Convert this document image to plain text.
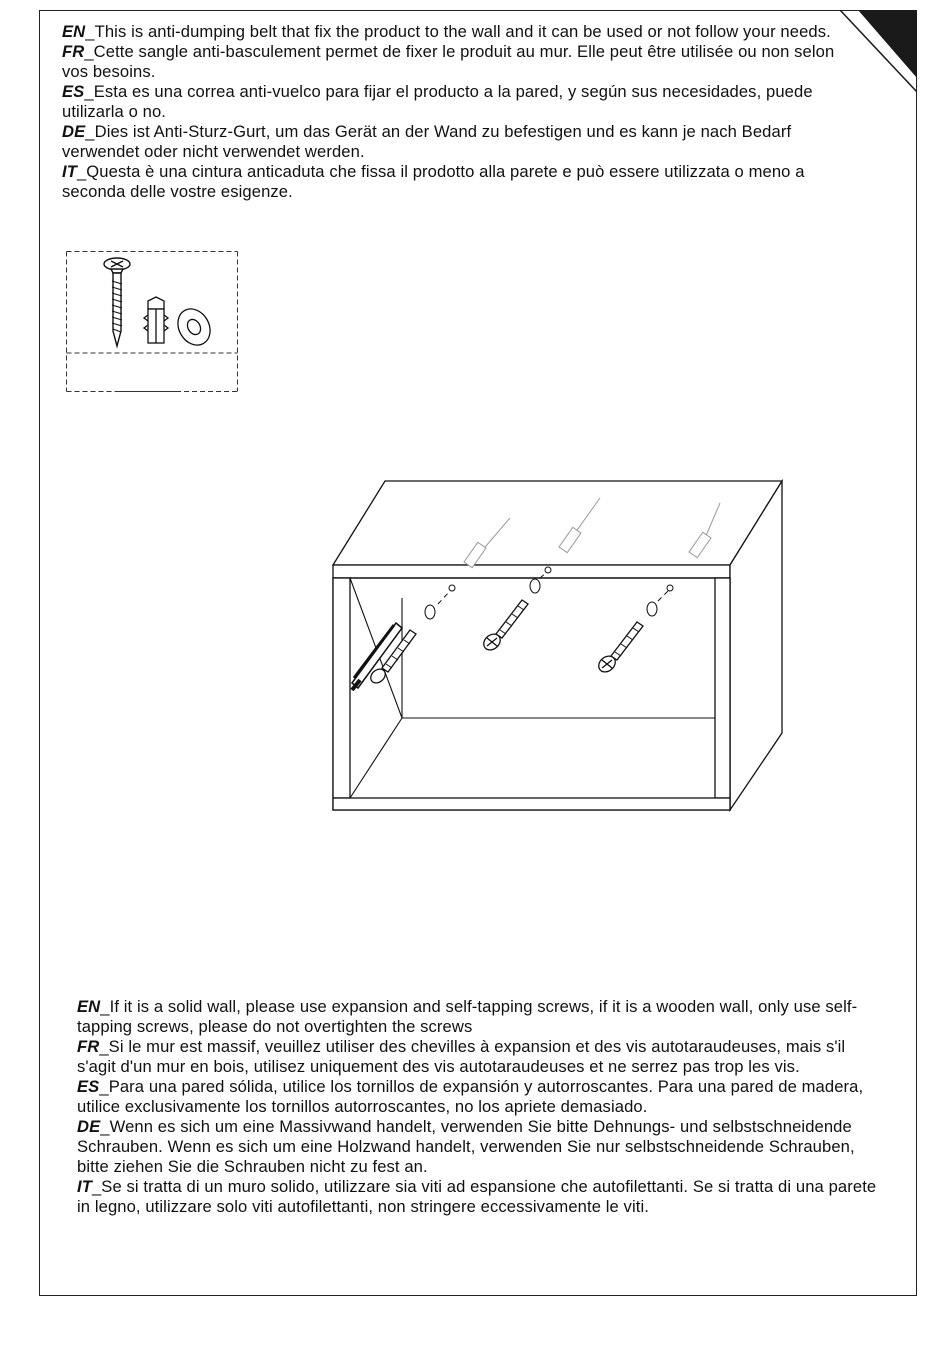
EN_This is anti-dumping belt that fix the product to the wall and it can be used or not follow your needs.

FR_Cette sangle anti-basculement permet de fixer le produit au mur. Elle peut être utilisée ou non selon vos besoins.

ES_Esta es una correa anti-vuelco para fijar el producto a la pared, y según sus necesidades, puede utilizarla o no.

DE_Dies ist Anti-Sturz-Gurt, um das Gerät an der Wand zu befestigen und es kann je nach Bedarf verwendet oder nicht verwendet werden.

IT_Questa è una cintura anticaduta che fissa il prodotto alla parete e può essere utilizzata o meno a seconda delle vostre esigenze.

EN_If it is a solid wall, please use expansion and self-tapping screws, if it is a wooden wall, only use self-tapping screws, please do not overtighten the screws

FR_Si le mur est massif, veuillez utiliser des chevilles à expansion et des vis autotaraudeuses, mais s'il s'agit d'un mur en bois, utilisez uniquement des vis autotaraudeuses et ne serrez pas trop les vis.

ES_Para una pared sólida, utilice los tornillos de expansión y autorroscantes. Para una pared de madera, utilice exclusivamente los tornillos autorroscantes, no los apriete demasiado.

DE_Wenn es sich um eine Massivwand handelt, verwenden Sie bitte Dehnungs- und selbstschneidende Schrauben. Wenn es sich um eine Holzwand handelt, verwenden Sie nur selbstschneidende Schrauben, bitte ziehen Sie die Schrauben nicht zu fest an.

IT_Se si tratta di un muro solido, utilizzare sia viti ad espansione che autofilettanti. Se si tratta di una parete in legno, utilizzare solo viti autofilettanti, non stringere eccessivamente le viti.
